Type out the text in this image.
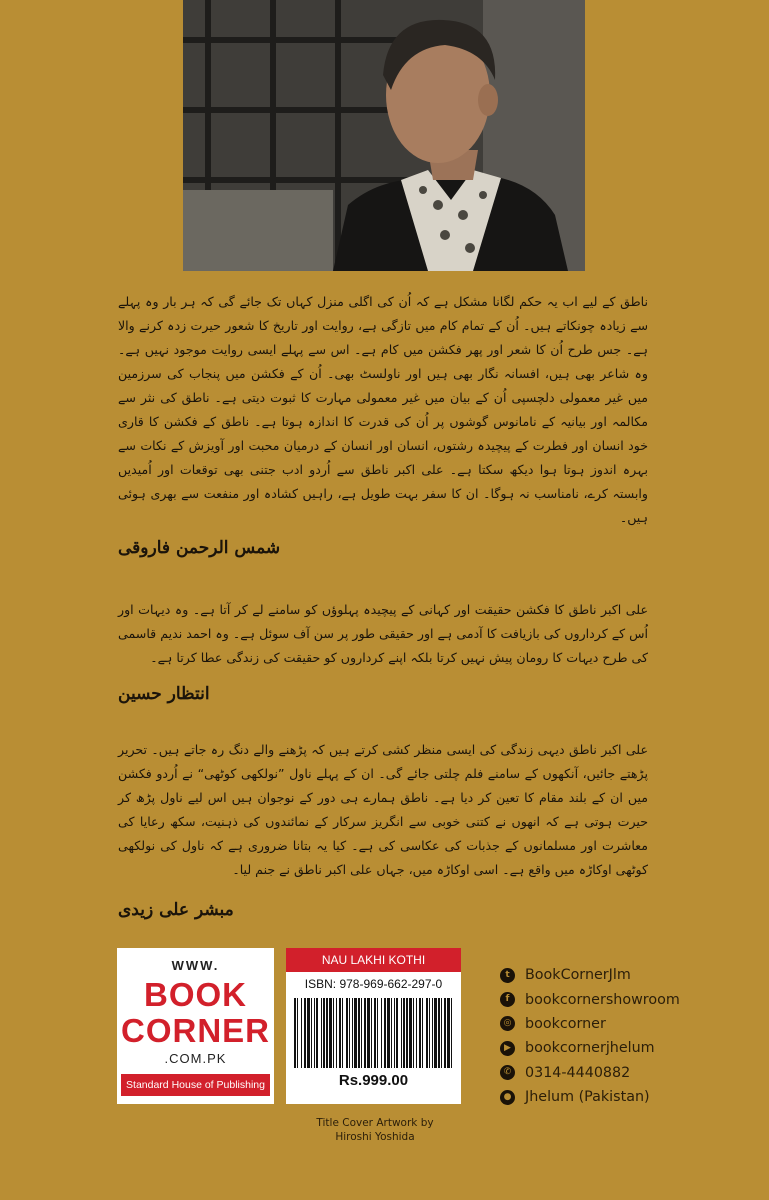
ناطق کے لیے اب یہ حکم لگانا مشکل ہے کہ اُن کی اگلی منزل کہاں تک جائے گی کہ ہر بار وہ پہلے سے زیادہ چونکاتے ہیں۔ اُن کے تمام کام میں تازگی ہے، روایت اور تاریخ کا شعور حیرت زدہ کرنے والا ہے۔ جس طرح اُن کا شعر اور پھر فکشن میں کام ہے۔ اس سے پہلے ایسی روایت موجود نہیں ہے۔ وہ شاعر بھی ہیں، افسانہ نگار بھی ہیں اور ناولسٹ بھی۔ اُن کے فکشن میں پنجاب کی سرزمین میں غیر معمولی دلچسپی اُن کے بیان میں غیر معمولی مہارت کا ثبوت دیتی ہے۔ ناطق کی نثر سے مکالمہ اور بیانیہ کے نامانوس گوشوں پر اُن کی قدرت کا اندازہ ہوتا ہے۔ ناطق کے فکشن کا قاری خود انسان اور فطرت کے پیچیدہ رشتوں، انسان اور انسان کے درمیان محبت اور آویزش کے نکات سے بہرہ اندوز ہوتا ہوا دیکھ سکتا ہے۔ علی اکبر ناطق سے اُردو ادب جتنی بھی توقعات اور اُمیدیں وابستہ کرے، نامناسب نہ ہوگا۔ ان کا سفر بہت طویل ہے، راہیں کشادہ اور منفعت سے بھری ہوئی ہیں۔
شمس الرحمن فاروقی
علی اکبر ناطق کا فکشن حقیقت اور کہانی کے پیچیدہ پہلوؤں کو سامنے لے کر آتا ہے۔ وہ دیہات اور اُس کے کرداروں کی بازیافت کا آدمی ہے اور حقیقی طور پر سن آف سوئل ہے۔ وہ احمد ندیم قاسمی کی طرح دیہات کا رومان پیش نہیں کرتا بلکہ اپنے کرداروں کو حقیقت کی زندگی عطا کرتا ہے۔
انتظار حسین
علی اکبر ناطق دیہی زندگی کی ایسی منظر کشی کرتے ہیں کہ پڑھنے والے دنگ رہ جاتے ہیں۔ تحریر پڑھتے جائیں، آنکھوں کے سامنے فلم چلتی جائے گی۔ ان کے پہلے ناول ”نولکھی کوٹھی“ نے اُردو فکشن میں ان کے بلند مقام کا تعین کر دیا ہے۔ ناطق ہمارے ہی دور کے نوجوان ہیں اس لیے ناول پڑھ کر حیرت ہوتی ہے کہ انھوں نے کتنی خوبی سے انگریز سرکار کے نمائندوں کی ذہنیت، سکھ رعایا کی معاشرت اور مسلمانوں کے جذبات کی عکاسی کی ہے۔ کیا یہ بتانا ضروری ہے کہ ناول کی نولکھی کوٹھی اوکاڑہ میں واقع ہے۔ اسی اوکاڑہ میں، جہاں علی اکبر ناطق نے جنم لیا۔
مبشر علی زیدی
WWW.
BOOK
CORNER
.COM.PK
Standard House of Publishing
NAU LAKHI KOTHI
ISBN: 978-969-662-297-0
Rs.999.00
t	BookCornerJlm
f	bookcornershowroom
◎ bookcorner
▶ bookcornerjhelum
✆ 0314-4440882
● Jhelum (Pakistan)
Title Cover Artwork by
Hiroshi Yoshida
